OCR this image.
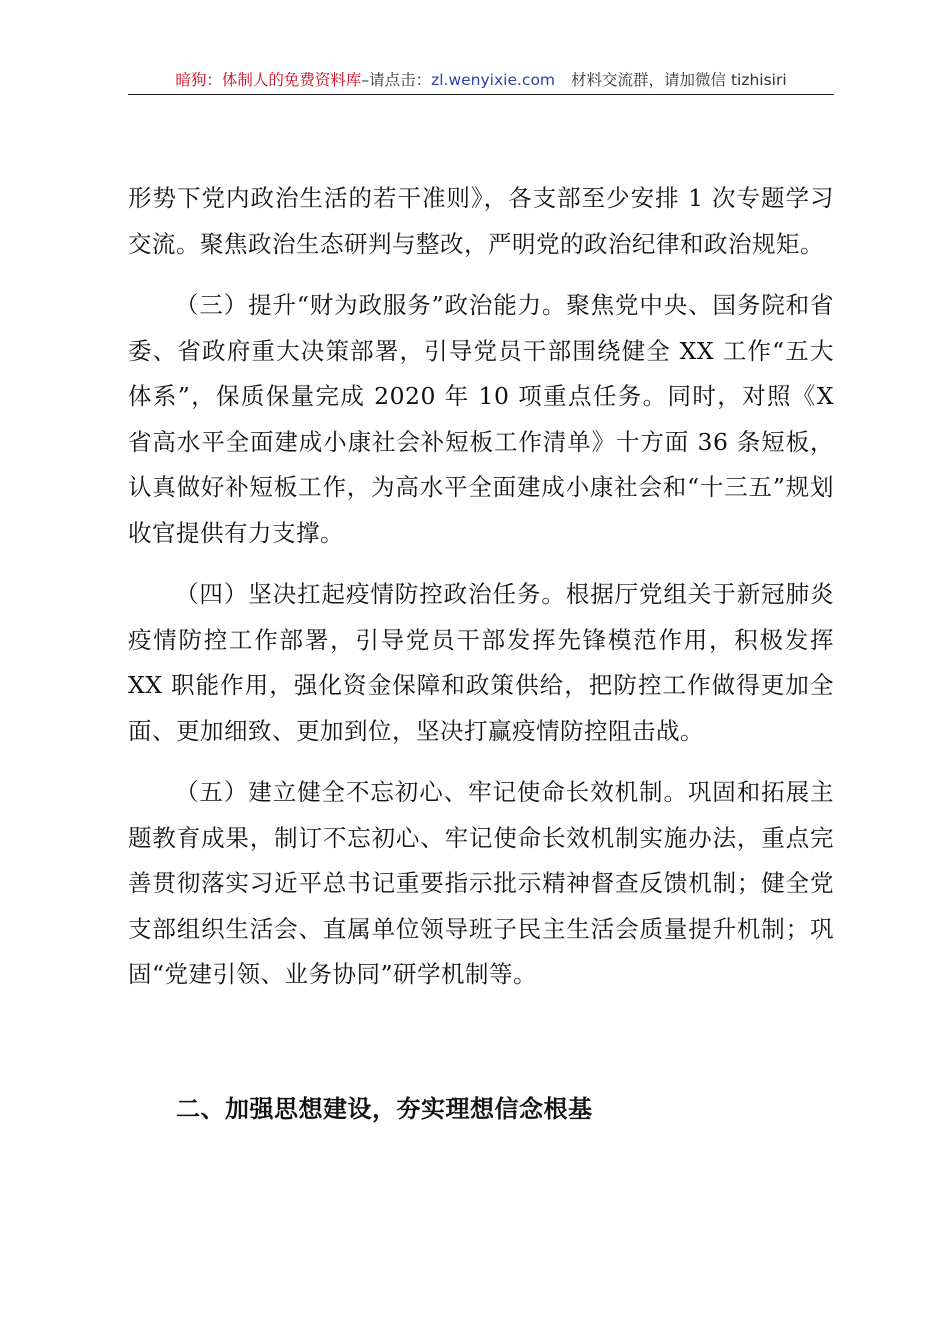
暗狗：体制人的免费资料库–请点击：zl.wenyixie.com 材料交流群，请加微信 tizhisiri

形势下党内政治生活的若干准则》，各支部至少安排 1 次专题学习交流。聚焦政治生态研判与整改，严明党的政治纪律和政治规矩。

（三）提升“财为政服务”政治能力。聚焦党中央、国务院和省委、省政府重大决策部署，引导党员干部围绕健全 XX 工作“五大体系”，保质保量完成 2020 年 10 项重点任务。同时，对照《X 省高水平全面建成小康社会补短板工作清单》十方面 36 条短板，认真做好补短板工作，为高水平全面建成小康社会和“十三五”规划收官提供有力支撑。

（四）坚决扛起疫情防控政治任务。根据厅党组关于新冠肺炎疫情防控工作部署，引导党员干部发挥先锋模范作用，积极发挥 XX 职能作用，强化资金保障和政策供给，把防控工作做得更加全面、更加细致、更加到位，坚决打赢疫情防控阻击战。

（五）建立健全不忘初心、牢记使命长效机制。巩固和拓展主题教育成果，制订不忘初心、牢记使命长效机制实施办法，重点完善贯彻落实习近平总书记重要指示批示精神督查反馈机制；健全党支部组织生活会、直属单位领导班子民主生活会质量提升机制；巩固“党建引领、业务协同”研学机制等。

二、加强思想建设，夯实理想信念根基
